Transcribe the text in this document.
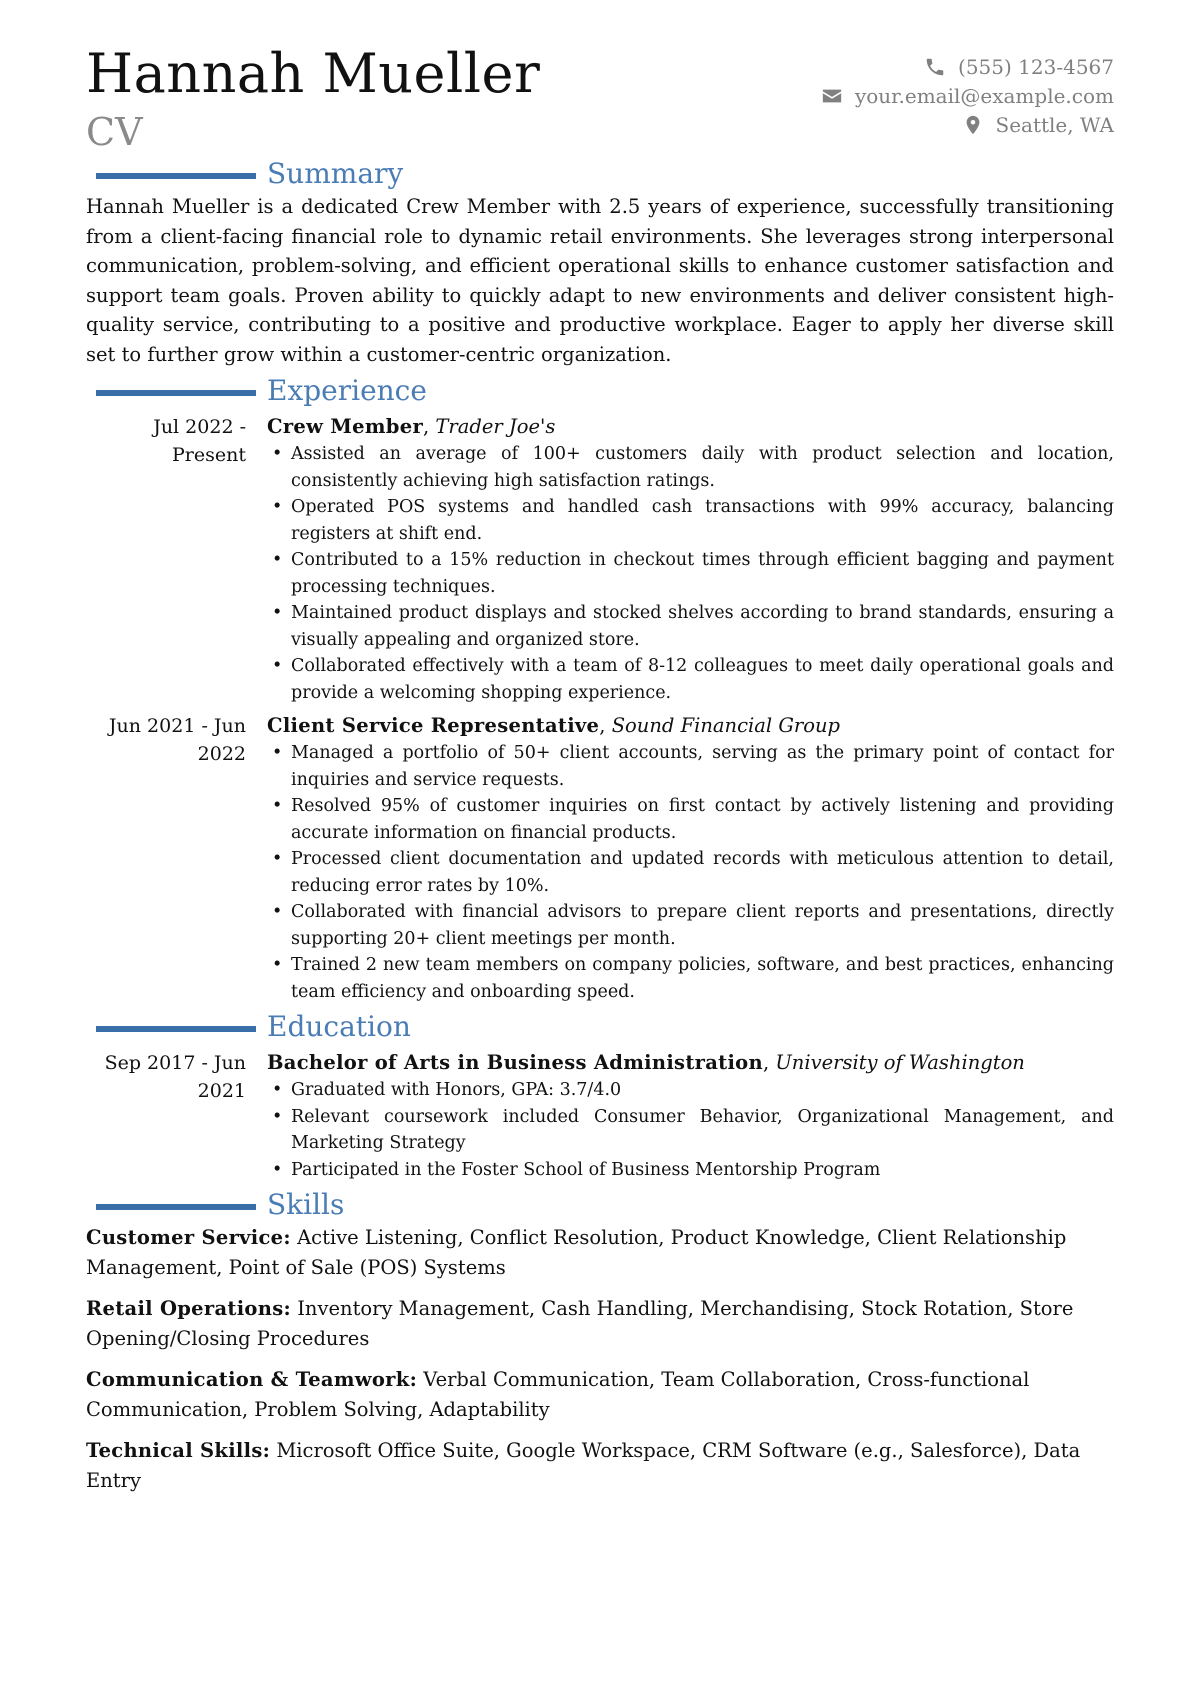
Hannah Mueller
CV
(555) 123-4567
your.email@example.com
Seattle, WA
Summary

Hannah Mueller is a dedicated Crew Member with 2.5 years of experience, successfully transitioning from a client-facing financial role to dynamic retail environments. She leverages strong interpersonal communication, problem-solving, and efficient operational skills to enhance customer satisfaction and support team goals. Proven ability to quickly adapt to new environments and deliver consistent high-quality service, contributing to a positive and productive workplace. Eager to apply her diverse skill set to further grow within a customer-centric organization.

Experience
Jul 2022 - Present
Crew Member, Trader Joe's
• Assisted an average of 100+ customers daily with product selection and location, consistently achieving high satisfaction ratings.
• Operated POS systems and handled cash transactions with 99% accuracy, balancing registers at shift end.
• Contributed to a 15% reduction in checkout times through efficient bagging and payment processing techniques.
• Maintained product displays and stocked shelves according to brand standards, ensuring a visually appealing and organized store.
• Collaborated effectively with a team of 8-12 colleagues to meet daily operational goals and provide a welcoming shopping experience.
Jun 2021 - Jun 2022
Client Service Representative, Sound Financial Group
• Managed a portfolio of 50+ client accounts, serving as the primary point of contact for inquiries and service requests.
• Resolved 95% of customer inquiries on first contact by actively listening and providing accurate information on financial products.
• Processed client documentation and updated records with meticulous attention to detail, reducing error rates by 10%.
• Collaborated with financial advisors to prepare client reports and presentations, directly supporting 20+ client meetings per month.
• Trained 2 new team members on company policies, software, and best practices, enhancing team efficiency and onboarding speed.
Education
Sep 2017 - Jun 2021
Bachelor of Arts in Business Administration, University of Washington
• Graduated with Honors, GPA: 3.7/4.0
• Relevant coursework included Consumer Behavior, Organizational Management, and Marketing Strategy
• Participated in the Foster School of Business Mentorship Program
Skills
Customer Service: Active Listening, Conflict Resolution, Product Knowledge, Client Relationship Management, Point of Sale (POS) Systems
Retail Operations: Inventory Management, Cash Handling, Merchandising, Stock Rotation, Store Opening/Closing Procedures
Communication & Teamwork: Verbal Communication, Team Collaboration, Cross-functional Communication, Problem Solving, Adaptability
Technical Skills: Microsoft Office Suite, Google Workspace, CRM Software (e.g., Salesforce), Data Entry
